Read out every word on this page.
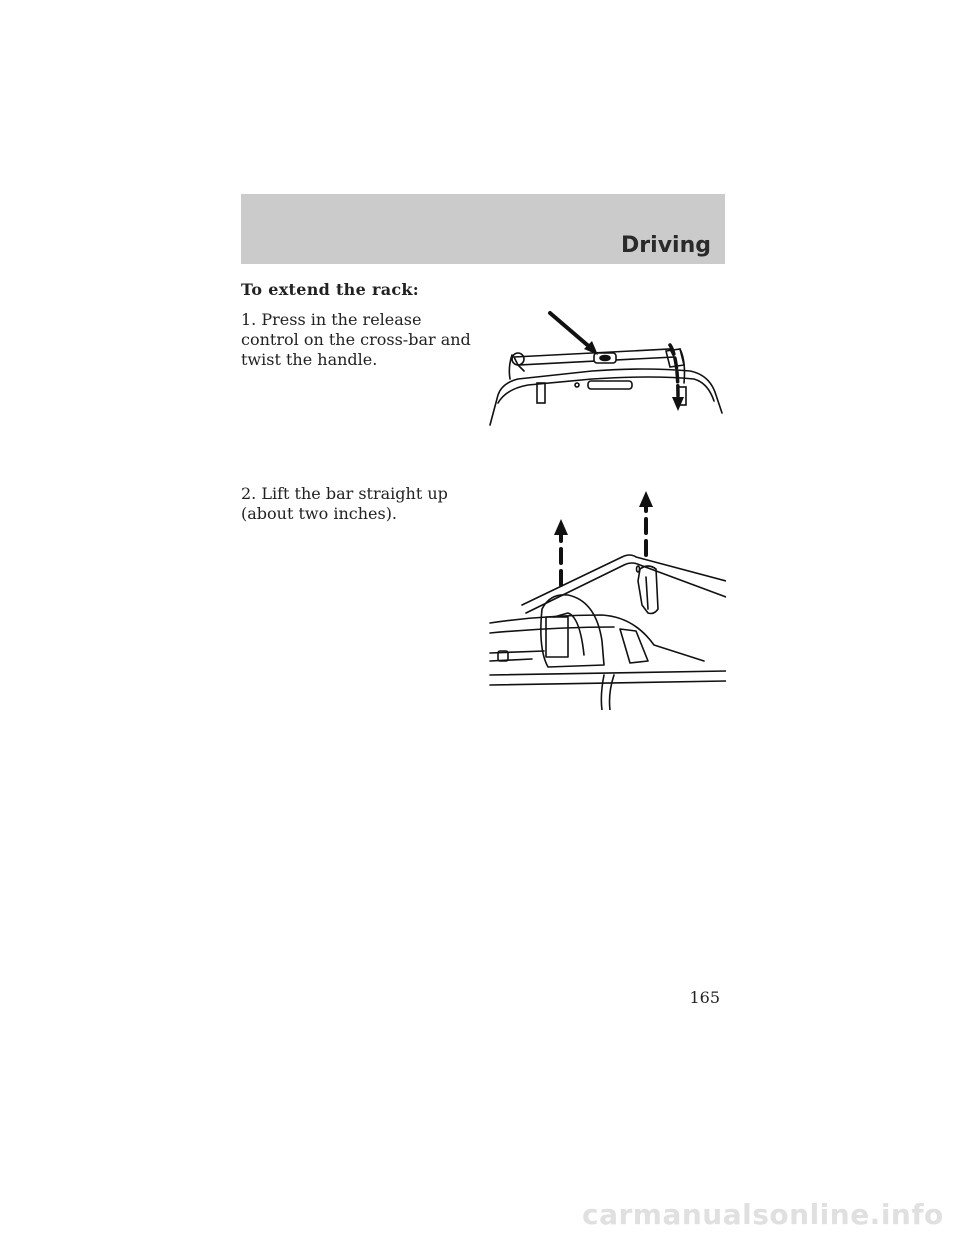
Driving
To extend the rack:
1. Press in the release control on the cross-bar and twist the handle.
2. Lift the bar straight up (about two inches).
165
carmanualsonline.info
